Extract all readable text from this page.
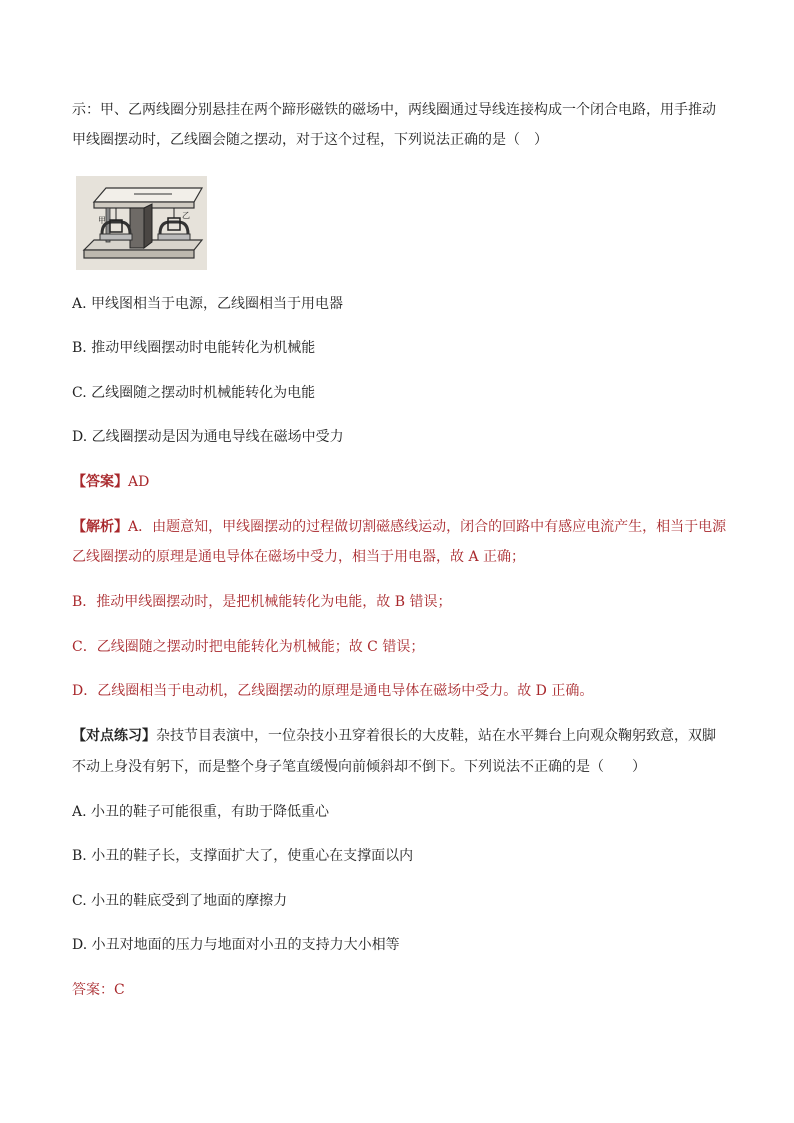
示：甲、乙两线圈分别悬挂在两个蹄形磁铁的磁场中，两线圈通过导线连接构成一个闭合电路，用手推动
甲线圈摆动时，乙线圈会随之摆动，对于这个过程，下列说法正确的是（　）
甲
乙
A. 甲线图相当于电源，乙线圈相当于用电器
B. 推动甲线圈摆动时电能转化为机械能
C. 乙线圈随之摆动时机械能转化为电能
D. 乙线圈摆动是因为通电导线在磁场中受力
【答案】AD
【解析】A．由题意知，甲线圈摆动的过程做切割磁感线运动，闭合的回路中有感应电流产生，相当于电源
乙线圈摆动的原理是通电导体在磁场中受力，相当于用电器，故 A 正确；
B．推动甲线圈摆动时，是把机械能转化为电能，故 B 错误；
C．乙线圈随之摆动时把电能转化为机械能；故 C 错误；
D．乙线圈相当于电动机，乙线圈摆动的原理是通电导体在磁场中受力。故 D 正确。
【对点练习】杂技节目表演中，一位杂技小丑穿着很长的大皮鞋，站在水平舞台上向观众鞠躬致意，双脚
不动上身没有躬下，而是整个身子笔直缓慢向前倾斜却不倒下。下列说法不正确的是（　　）
A. 小丑的鞋子可能很重，有助于降低重心
B. 小丑的鞋子长，支撑面扩大了，使重心在支撑面以内
C. 小丑的鞋底受到了地面的摩擦力
D. 小丑对地面的压力与地面对小丑的支持力大小相等
答案：C
